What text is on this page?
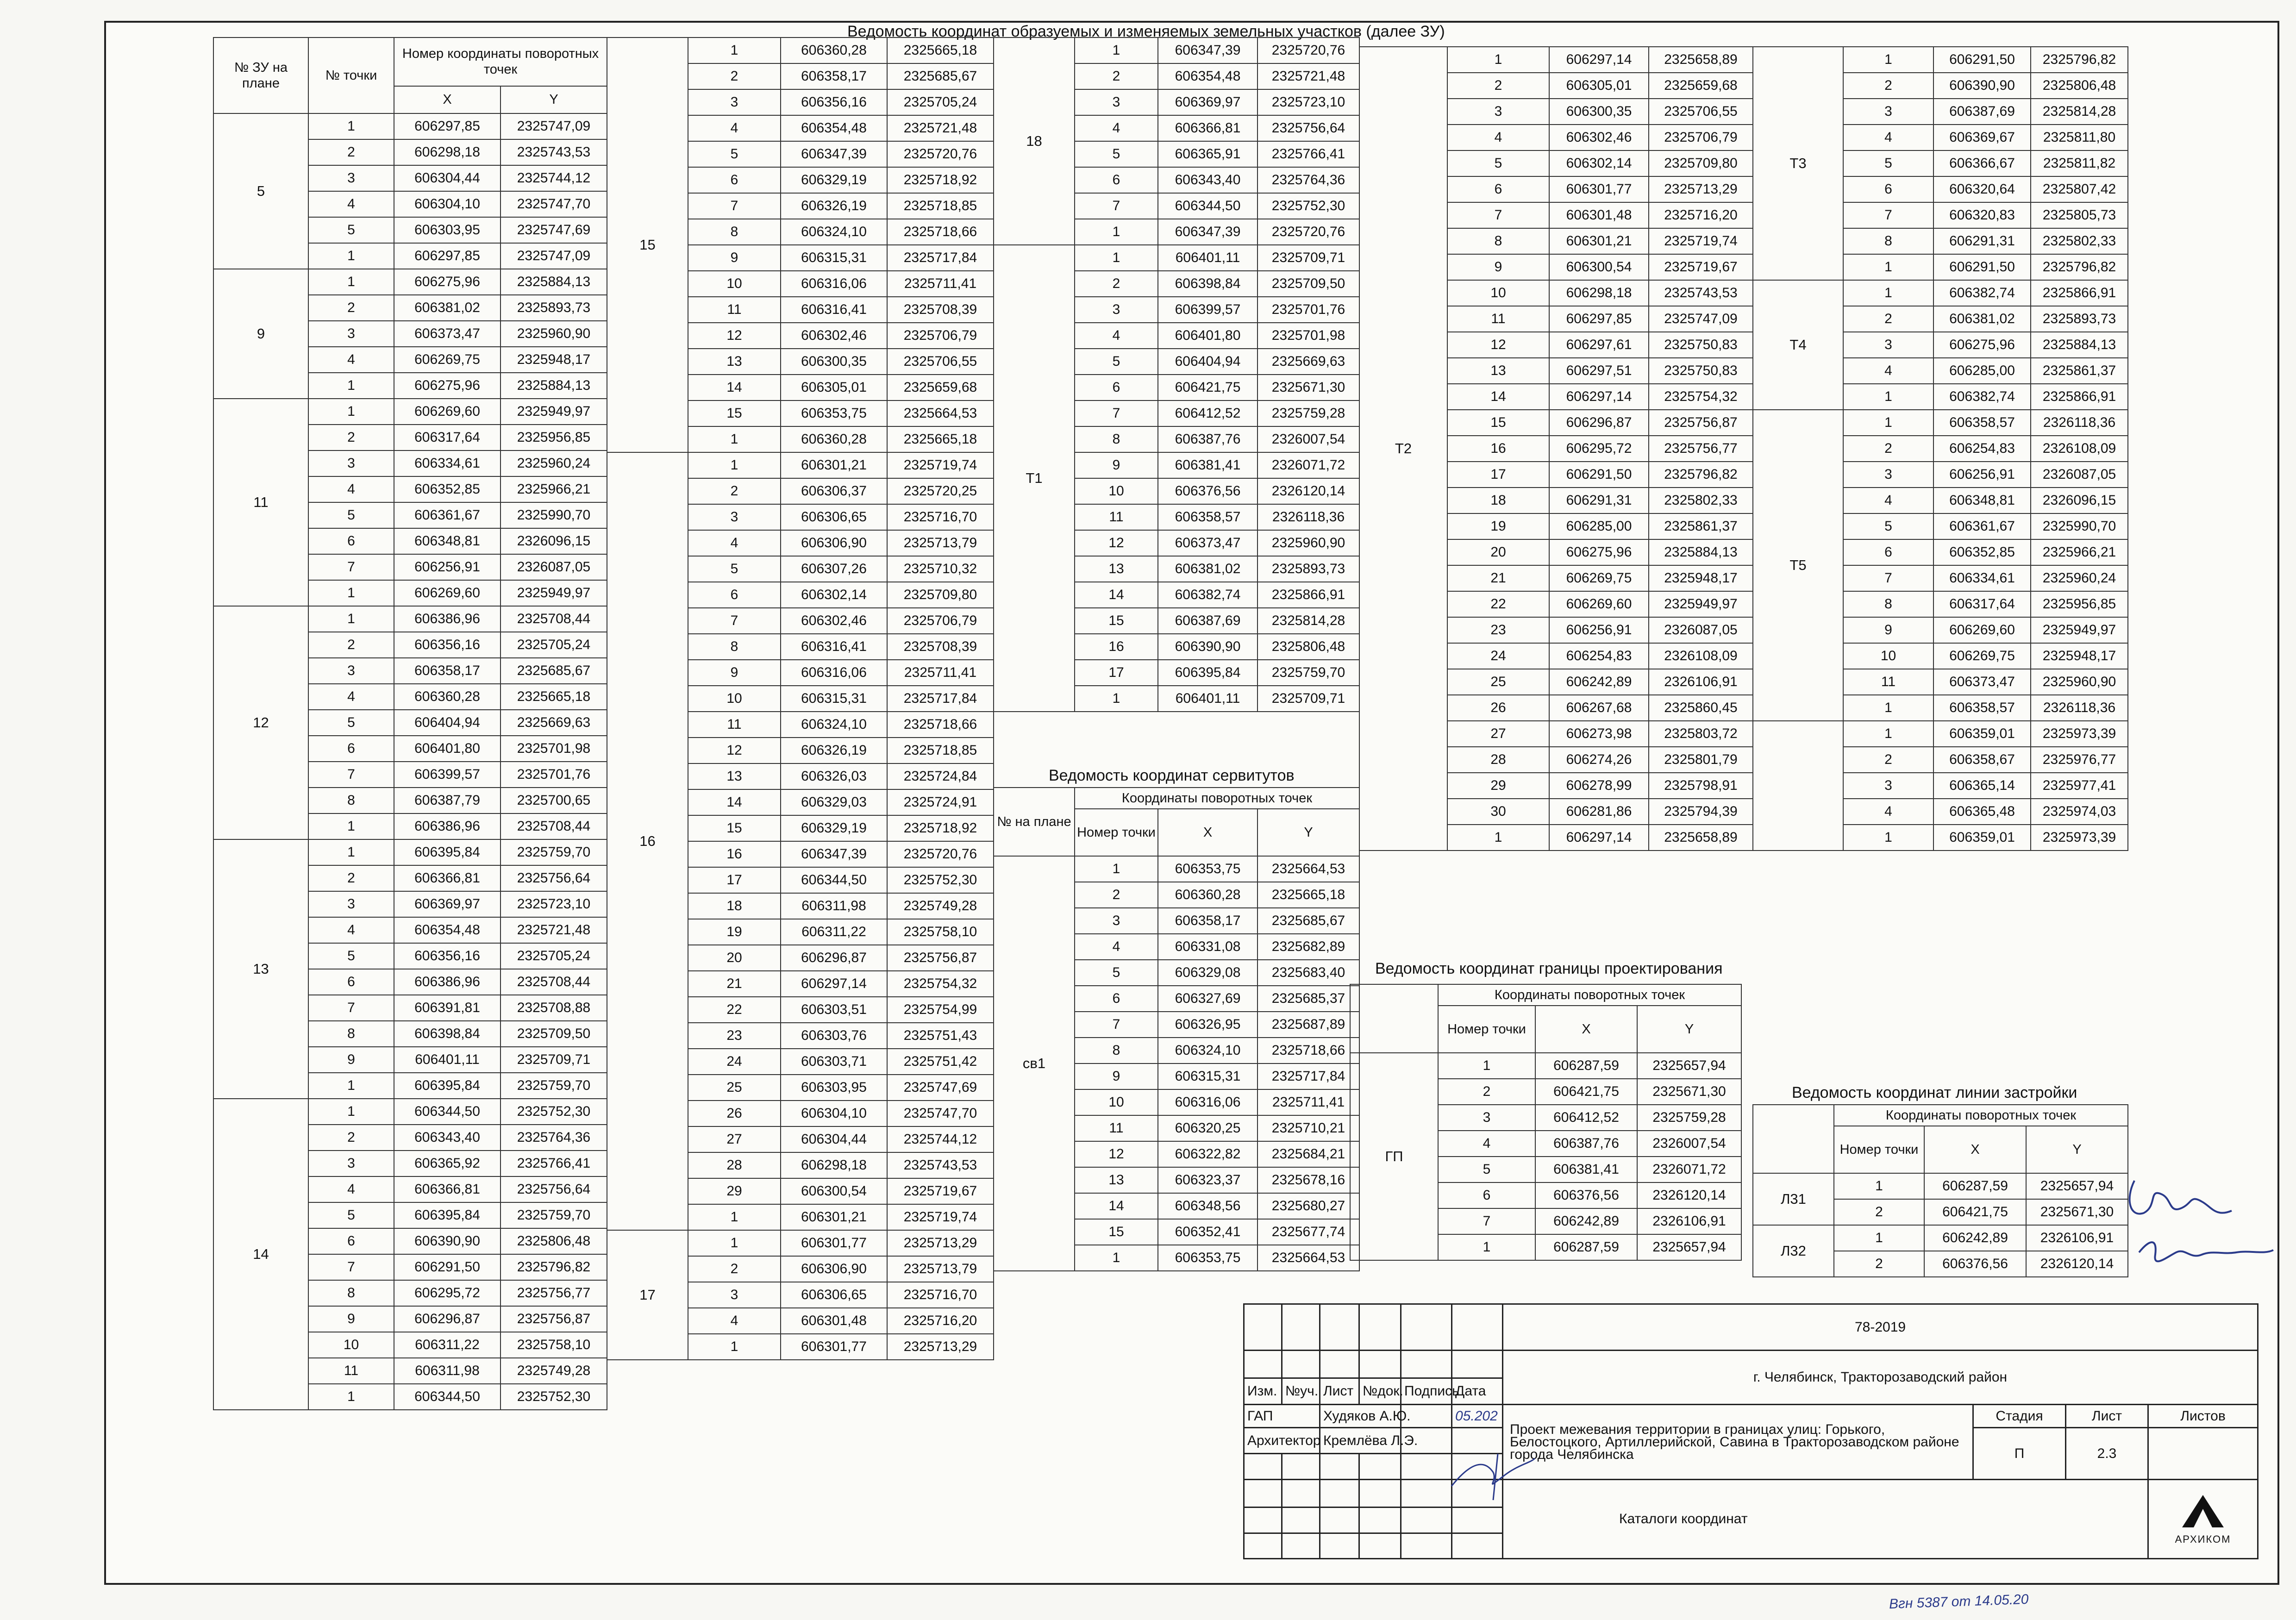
Ведомость координат образуемых и изменяемых земельных участков (далее ЗУ)
Ведомость координат сервитутов
Ведомость координат границы проектирования
Ведомость координат линии застройки
№ ЗУ на плане	№ точки	Номер координаты поворотных точек	
		X	Y
5	1	606297,85	2325747,09
	2	606298,18	2325743,53
	3	606304,44	2325744,12
	4	606304,10	2325747,70
	5	606303,95	2325747,69
	1	606297,85	2325747,09
9	1	606275,96	2325884,13
	2	606381,02	2325893,73
	3	606373,47	2325960,90
	4	606269,75	2325948,17
	1	606275,96	2325884,13
11	1	606269,60	2325949,97
	2	606317,64	2325956,85
	3	606334,61	2325960,24
	4	606352,85	2325966,21
	5	606361,67	2325990,70
	6	606348,81	2326096,15
	7	606256,91	2326087,05
	1	606269,60	2325949,97
12	1	606386,96	2325708,44
	2	606356,16	2325705,24
	3	606358,17	2325685,67
	4	606360,28	2325665,18
	5	606404,94	2325669,63
	6	606401,80	2325701,98
	7	606399,57	2325701,76
	8	606387,79	2325700,65
	1	606386,96	2325708,44
13	1	606395,84	2325759,70
	2	606366,81	2325756,64
	3	606369,97	2325723,10
	4	606354,48	2325721,48
	5	606356,16	2325705,24
	6	606386,96	2325708,44
	7	606391,81	2325708,88
	8	606398,84	2325709,50
	9	606401,11	2325709,71
	1	606395,84	2325759,70
14	1	606344,50	2325752,30
	2	606343,40	2325764,36
	3	606365,92	2325766,41
	4	606366,81	2325756,64
	5	606395,84	2325759,70
	6	606390,90	2325806,48
	7	606291,50	2325796,82
	8	606295,72	2325756,77
	9	606296,87	2325756,87
	10	606311,22	2325758,10
	11	606311,98	2325749,28
	1	606344,50	2325752,30
15	1	606360,28	2325665,18
	2	606358,17	2325685,67
	3	606356,16	2325705,24
	4	606354,48	2325721,48
	5	606347,39	2325720,76
	6	606329,19	2325718,92
	7	606326,19	2325718,85
	8	606324,10	2325718,66
	9	606315,31	2325717,84
	10	606316,06	2325711,41
	11	606316,41	2325708,39
	12	606302,46	2325706,79
	13	606300,35	2325706,55
	14	606305,01	2325659,68
	15	606353,75	2325664,53
	1	606360,28	2325665,18
16	1	606301,21	2325719,74
	2	606306,37	2325720,25
	3	606306,65	2325716,70
	4	606306,90	2325713,79
	5	606307,26	2325710,32
	6	606302,14	2325709,80
	7	606302,46	2325706,79
	8	606316,41	2325708,39
	9	606316,06	2325711,41
	10	606315,31	2325717,84
	11	606324,10	2325718,66
	12	606326,19	2325718,85
	13	606326,03	2325724,84
	14	606329,03	2325724,91
	15	606329,19	2325718,92
	16	606347,39	2325720,76
	17	606344,50	2325752,30
	18	606311,98	2325749,28
	19	606311,22	2325758,10
	20	606296,87	2325756,87
	21	606297,14	2325754,32
	22	606303,51	2325754,99
	23	606303,76	2325751,43
	24	606303,71	2325751,42
	25	606303,95	2325747,69
	26	606304,10	2325747,70
	27	606304,44	2325744,12
	28	606298,18	2325743,53
	29	606300,54	2325719,67
	1	606301,21	2325719,74
17	1	606301,77	2325713,29
	2	606306,90	2325713,79
	3	606306,65	2325716,70
	4	606301,48	2325716,20
	1	606301,77	2325713,29
18	1	606347,39	2325720,76
	2	606354,48	2325721,48
	3	606369,97	2325723,10
	4	606366,81	2325756,64
	5	606365,91	2325766,41
	6	606343,40	2325764,36
	7	606344,50	2325752,30
	1	606347,39	2325720,76
Т1	1	606401,11	2325709,71
	2	606398,84	2325709,50
	3	606399,57	2325701,76
	4	606401,80	2325701,98
	5	606404,94	2325669,63
	6	606421,75	2325671,30
	7	606412,52	2325759,28
	8	606387,76	2326007,54
	9	606381,41	2326071,72
	10	606376,56	2326120,14
	11	606358,57	2326118,36
	12	606373,47	2325960,90
	13	606381,02	2325893,73
	14	606382,74	2325866,91
	15	606387,69	2325814,28
	16	606390,90	2325806,48
	17	606395,84	2325759,70
	1	606401,11	2325709,71
№ на плане	Координаты поворотных точек		
	Номер точки	X	Y
св1	1	606353,75	2325664,53
	2	606360,28	2325665,18
	3	606358,17	2325685,67
	4	606331,08	2325682,89
	5	606329,08	2325683,40
	6	606327,69	2325685,37
	7	606326,95	2325687,89
	8	606324,10	2325718,66
	9	606315,31	2325717,84
	10	606316,06	2325711,41
	11	606320,25	2325710,21
	12	606322,82	2325684,21
	13	606323,37	2325678,16
	14	606348,56	2325680,27
	15	606352,41	2325677,74
	1	606353,75	2325664,53
Т2	1	606297,14	2325658,89
	2	606305,01	2325659,68
	3	606300,35	2325706,55
	4	606302,46	2325706,79
	5	606302,14	2325709,80
	6	606301,77	2325713,29
	7	606301,48	2325716,20
	8	606301,21	2325719,74
	9	606300,54	2325719,67
	10	606298,18	2325743,53
	11	606297,85	2325747,09
	12	606297,61	2325750,83
	13	606297,51	2325750,83
	14	606297,14	2325754,32
	15	606296,87	2325756,87
	16	606295,72	2325756,77
	17	606291,50	2325796,82
	18	606291,31	2325802,33
	19	606285,00	2325861,37
	20	606275,96	2325884,13
	21	606269,75	2325948,17
	22	606269,60	2325949,97
	23	606256,91	2326087,05
	24	606254,83	2326108,09
	25	606242,89	2326106,91
	26	606267,68	2325860,45
	27	606273,98	2325803,72
	28	606274,26	2325801,79
	29	606278,99	2325798,91
	30	606281,86	2325794,39
	1	606297,14	2325658,89
	Координаты поворотных точек		
	Номер точки	X	Y
ГП	1	606287,59	2325657,94
	2	606421,75	2325671,30
	3	606412,52	2325759,28
	4	606387,76	2326007,54
	5	606381,41	2326071,72
	6	606376,56	2326120,14
	7	606242,89	2326106,91
	1	606287,59	2325657,94
Т3	1	606291,50	2325796,82
	2	606390,90	2325806,48
	3	606387,69	2325814,28
	4	606369,67	2325811,80
	5	606366,67	2325811,82
	6	606320,64	2325807,42
	7	606320,83	2325805,73
	8	606291,31	2325802,33
	1	606291,50	2325796,82
Т4	1	606382,74	2325866,91
	2	606381,02	2325893,73
	3	606275,96	2325884,13
	4	606285,00	2325861,37
	1	606382,74	2325866,91
Т5	1	606358,57	2326118,36
	2	606254,83	2326108,09
	3	606256,91	2326087,05
	4	606348,81	2326096,15
	5	606361,67	2325990,70
	6	606352,85	2325966,21
	7	606334,61	2325960,24
	8	606317,64	2325956,85
	9	606269,60	2325949,97
	10	606269,75	2325948,17
	11	606373,47	2325960,90
	1	606358,57	2326118,36
	1	606359,01	2325973,39
	2	606358,67	2325976,77
	3	606365,14	2325977,41
	4	606365,48	2325974,03
	1	606359,01	2325973,39
	Координаты поворотных точек		
	Номер точки	X	Y
Л31	1	606287,59	2325657,94
	2	606421,75	2325671,30
Л32	1	606242,89	2326106,91
	2	606376,56	2326120,14
Вгн 5387 от 14.05.20
						78-2019			
						г. Челябинск, Тракторозаводский район			
Изм.	№уч.	Лист	№док.	Подпись	Дата				
ГАП		Худяков А.Ю.			05.202	Проект межевания территории в границах улиц: Горького, Белостоцкого, Артиллерийской, Савина в Тракторозаводском районе города Челябинска	Стадия	Лист	Листов
Архитектор		Кремлёва Л.Э.					П	2.3	

						Каталоги координат			АРХИКОМ
